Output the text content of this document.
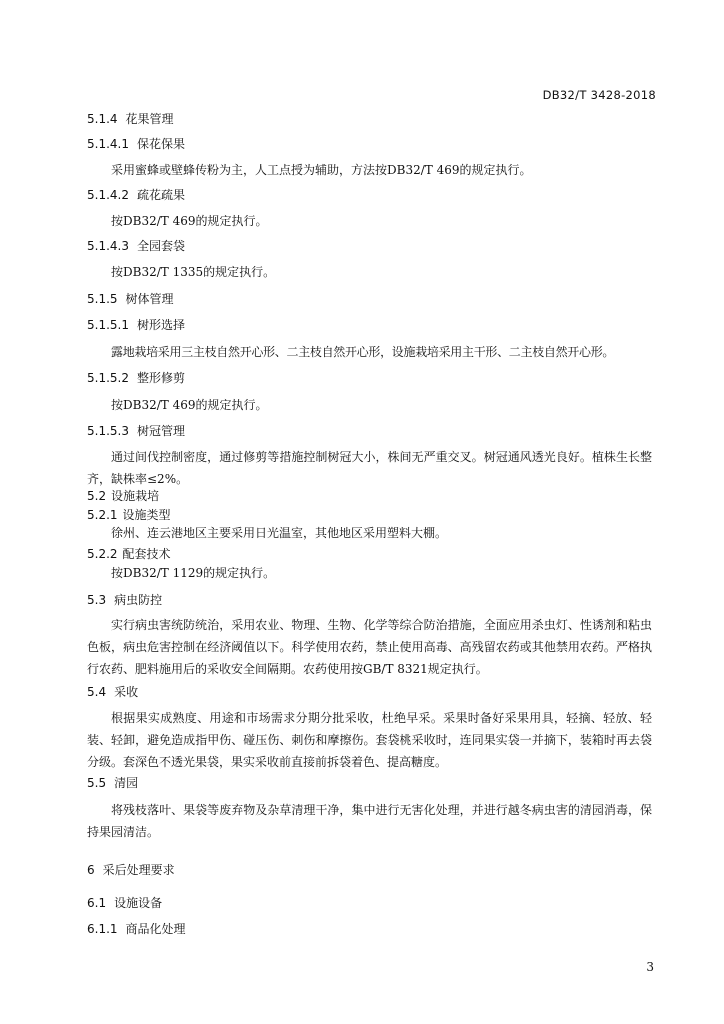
DB32/T 3428-2018
5.1.4 花果管理
5.1.4.1 保花保果
采用蜜蜂或壁蜂传粉为主，人工点授为辅助，方法按DB32/T 469的规定执行。
5.1.4.2 疏花疏果
按DB32/T 469的规定执行。
5.1.4.3 全园套袋
按DB32/T 1335的规定执行。
5.1.5 树体管理
5.1.5.1 树形选择
露地栽培采用三主枝自然开心形、二主枝自然开心形，设施栽培采用主干形、二主枝自然开心形。
5.1.5.2 整形修剪
按DB32/T 469的规定执行。
5.1.5.3 树冠管理
通过间伐控制密度，通过修剪等措施控制树冠大小，株间无严重交叉。树冠通风透光良好。植株生长整齐，缺株率≤2%。
5.2 设施栽培
5.2.1 设施类型
徐州、连云港地区主要采用日光温室，其他地区采用塑料大棚。
5.2.2 配套技术
按DB32/T 1129的规定执行。
5.3 病虫防控
实行病虫害统防统治，采用农业、物理、生物、化学等综合防治措施，全面应用杀虫灯、性诱剂和粘虫色板，病虫危害控制在经济阈值以下。科学使用农药，禁止使用高毒、高残留农药或其他禁用农药。严格执行农药、肥料施用后的采收安全间隔期。农药使用按GB/T 8321规定执行。
5.4 采收
根据果实成熟度、用途和市场需求分期分批采收，杜绝早采。采果时备好采果用具，轻摘、轻放、轻装、轻卸，避免造成指甲伤、碰压伤、刺伤和摩擦伤。套袋桃采收时，连同果实袋一并摘下，装箱时再去袋分级。套深色不透光果袋，果实采收前直接前拆袋着色、提高糖度。
5.5 清园
将残枝落叶、果袋等废弃物及杂草清理干净，集中进行无害化处理，并进行越冬病虫害的清园消毒，保持果园清洁。
6 采后处理要求
6.1 设施设备
6.1.1 商品化处理
3
